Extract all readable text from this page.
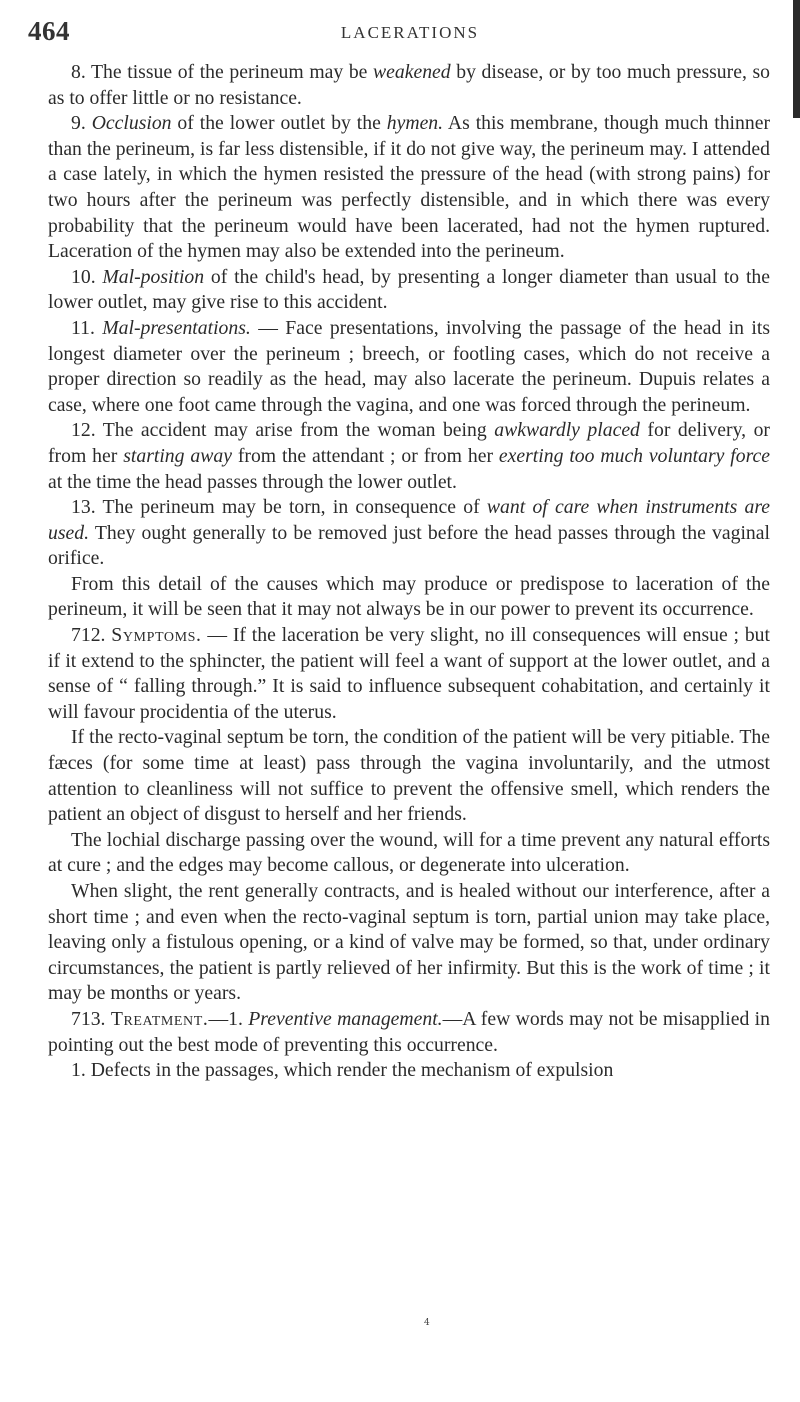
464	LACERATIONS

8. The tissue of the perineum may be weakened by disease, or by too much pressure, so as to offer little or no resistance.

9. Occlusion of the lower outlet by the hymen. As this membrane, though much thinner than the perineum, is far less distensible, if it do not give way, the perineum may. I attended a case lately, in which the hymen resisted the pressure of the head (with strong pains) for two hours after the perineum was perfectly distensible, and in which there was every probability that the perineum would have been lacerated, had not the hymen ruptured. Laceration of the hymen may also be extended into the perineum.

10. Mal-position of the child's head, by presenting a longer diameter than usual to the lower outlet, may give rise to this accident.

11. Mal-presentations. — Face presentations, involving the passage of the head in its longest diameter over the perineum ; breech, or footling cases, which do not receive a proper direction so readily as the head, may also lacerate the perineum. Dupuis relates a case, where one foot came through the vagina, and one was forced through the perineum.

12. The accident may arise from the woman being awkwardly placed for delivery, or from her starting away from the attendant ; or from her exerting too much voluntary force at the time the head passes through the lower outlet.

13. The perineum may be torn, in consequence of want of care when instruments are used. They ought generally to be removed just before the head passes through the vaginal orifice.

From this detail of the causes which may produce or predispose to laceration of the perineum, it will be seen that it may not always be in our power to prevent its occurrence.

712. Symptoms. — If the laceration be very slight, no ill consequences will ensue ; but if it extend to the sphincter, the patient will feel a want of support at the lower outlet, and a sense of “ falling through.” It is said to influence subsequent cohabitation, and certainly it will favour procidentia of the uterus.

If the recto-vaginal septum be torn, the condition of the patient will be very pitiable. The fæces (for some time at least) pass through the vagina involuntarily, and the utmost attention to cleanliness will not suffice to prevent the offensive smell, which renders the patient an object of disgust to herself and her friends.

The lochial discharge passing over the wound, will for a time prevent any natural efforts at cure ; and the edges may become callous, or degenerate into ulceration.

When slight, the rent generally contracts, and is healed without our interference, after a short time ; and even when the recto-vaginal septum is torn, partial union may take place, leaving only a fistulous opening, or a kind of valve may be formed, so that, under ordinary circumstances, the patient is partly relieved of her infirmity. But this is the work of time ; it may be months or years.

713. Treatment.—1. Preventive management.—A few words may not be misapplied in pointing out the best mode of preventing this occurrence.

1. Defects in the passages, which render the mechanism of expulsion

4
